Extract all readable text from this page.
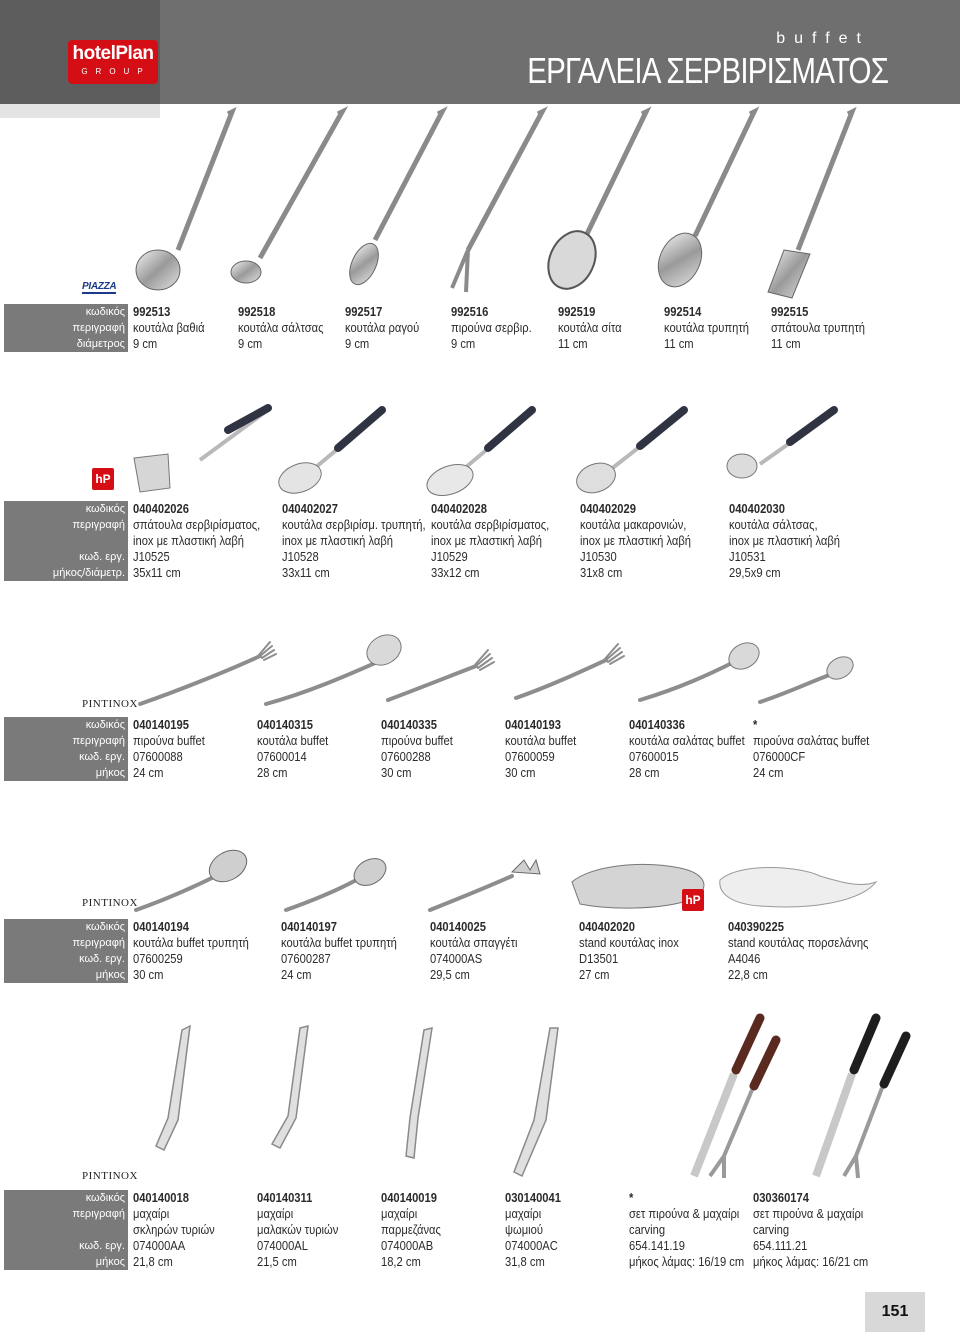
hotelPlan
GROUP
buffet
ΕΡΓΑΛΕΙΑ ΣΕΡΒΙΡΙΣΜΑΤΟΣ
PIAZZA
κωδικός
περιγραφή
διάμετρος
992513
κουτάλα βαθιά
9 cm
992518
κουτάλα σάλτσας
9 cm
992517
κουτάλα ραγού
9 cm
992516
πιρούνα σερβιρ.
9 cm
992519
κουτάλα σίτα
11 cm
992514
κουτάλα τρυπητή
11 cm
992515
σπάτουλα τρυπητή
11 cm
hP
κωδικός
περιγραφή
κωδ. εργ.
μήκος/διάμετρ.
040402026
σπάτουλα σερβιρίσματος,
inox με πλαστική λαβή
J10525
35x11 cm
040402027
κουτάλα σερβιρίσμ. τρυπητή,
inox με πλαστική λαβή
J10528
33x11 cm
040402028
κουτάλα σερβιρίσματος,
inox με πλαστική λαβή
J10529
33x12 cm
040402029
κουτάλα μακαρονιών,
inox με πλαστική λαβή
J10530
31x8 cm
040402030
κουτάλα σάλτσας,
inox με πλαστική λαβή
J10531
29,5x9 cm
PINTINOX
κωδικός
περιγραφή
κωδ. εργ.
μήκος
040140195
πιρούνα buffet
07600088
24 cm
040140315
κουτάλα buffet
07600014
28 cm
040140335
πιρούνα buffet
07600288
30 cm
040140193
κουτάλα buffet
07600059
30 cm
040140336
κουτάλα σαλάτας buffet
07600015
28 cm
*
πιρούνα σαλάτας buffet
076000CF
24 cm
PINTINOX	hP
κωδικός
περιγραφή
κωδ. εργ.
μήκος
040140194
κουτάλα buffet τρυπητή
07600259
30 cm
040140197
κουτάλα buffet τρυπητή
07600287
24 cm
040140025
κουτάλα σπαγγέτι
074000AS
29,5 cm
040402020
stand κουτάλας inox
D13501
27 cm
040390225
stand κουτάλας πορσελάνης
A4046
22,8 cm
PINTINOX
κωδικός
περιγραφή
κωδ. εργ.
μήκος
040140018
μαχαίρι
σκληρών τυριών
074000AA
21,8 cm
040140311
μαχαίρι
μαλακών τυριών
074000AL
21,5 cm
040140019
μαχαίρι
παρμεζάνας
074000AB
18,2 cm
030140041
μαχαίρι
ψωμιού
074000AC
31,8 cm
*
σετ πιρούνα & μαχαίρι
carving
654.141.19
μήκος λάμας: 16/19 cm
030360174
σετ πιρούνα & μαχαίρι
carving
654.111.21
μήκος λάμας: 16/21 cm
151
